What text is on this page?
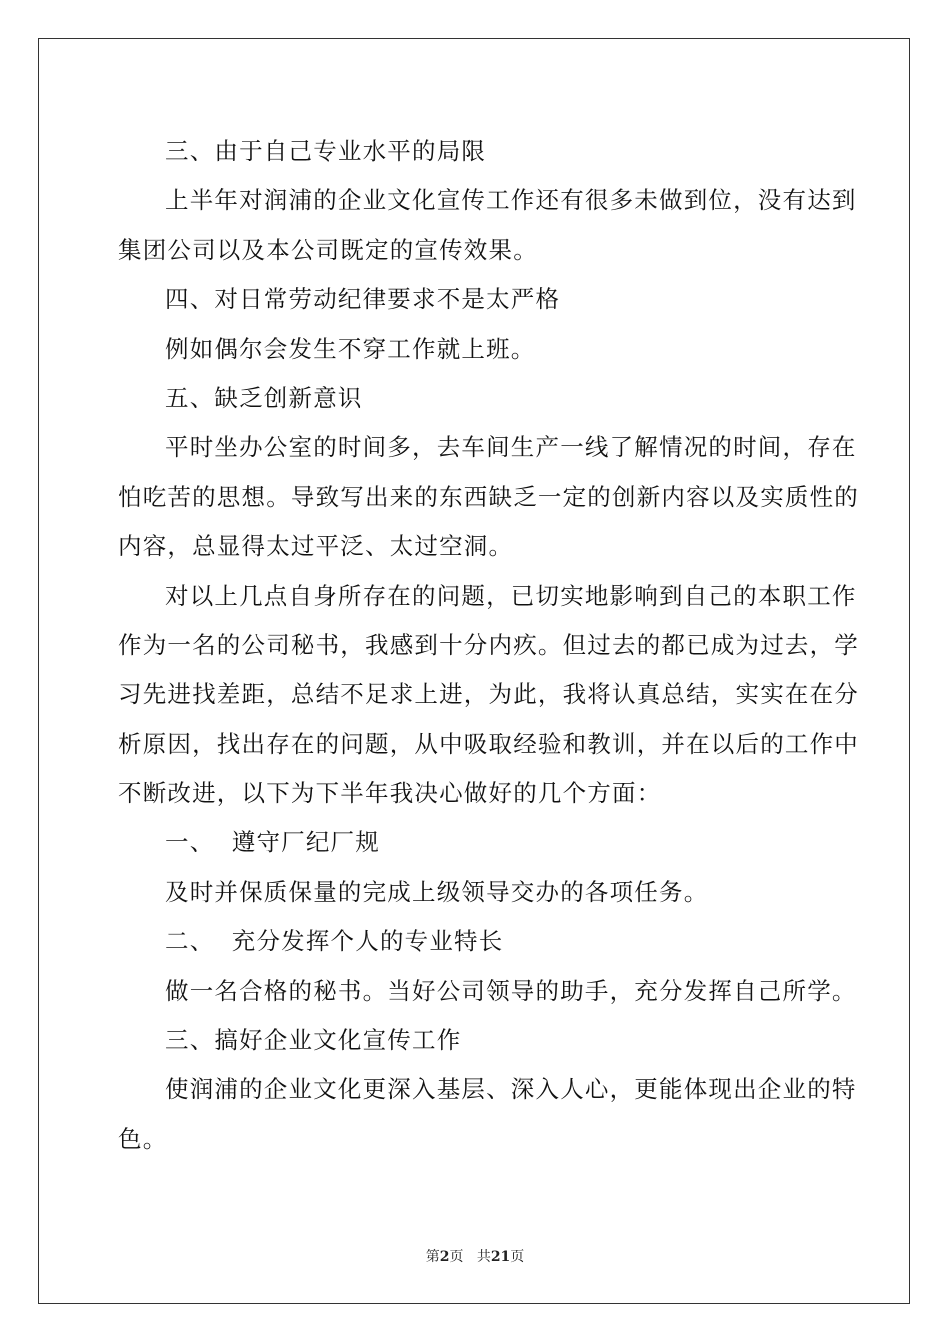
三、由于自己专业水平的局限
上半年对润浦的企业文化宣传工作还有很多未做到位，没有达到
集团公司以及本公司既定的宣传效果。
四、对日常劳动纪律要求不是太严格
例如偶尔会发生不穿工作就上班。
五、缺乏创新意识
平时坐办公室的时间多，去车间生产一线了解情况的时间，存在
怕吃苦的思想。导致写出来的东西缺乏一定的创新内容以及实质性的
内容，总显得太过平泛、太过空洞。
对以上几点自身所存在的问题，已切实地影响到自己的本职工作
作为一名的公司秘书，我感到十分内疚。但过去的都已成为过去，学
习先进找差距，总结不足求上进，为此，我将认真总结，实实在在分
析原因，找出存在的问题，从中吸取经验和教训，并在以后的工作中
不断改进，以下为下半年我决心做好的几个方面：
一、  遵守厂纪厂规
及时并保质保量的完成上级领导交办的各项任务。
二、  充分发挥个人的专业特长
做一名合格的秘书。当好公司领导的助手，充分发挥自己所学。
三、搞好企业文化宣传工作
使润浦的企业文化更深入基层、深入人心，更能体现出企业的特
色。
第2页 共21页
